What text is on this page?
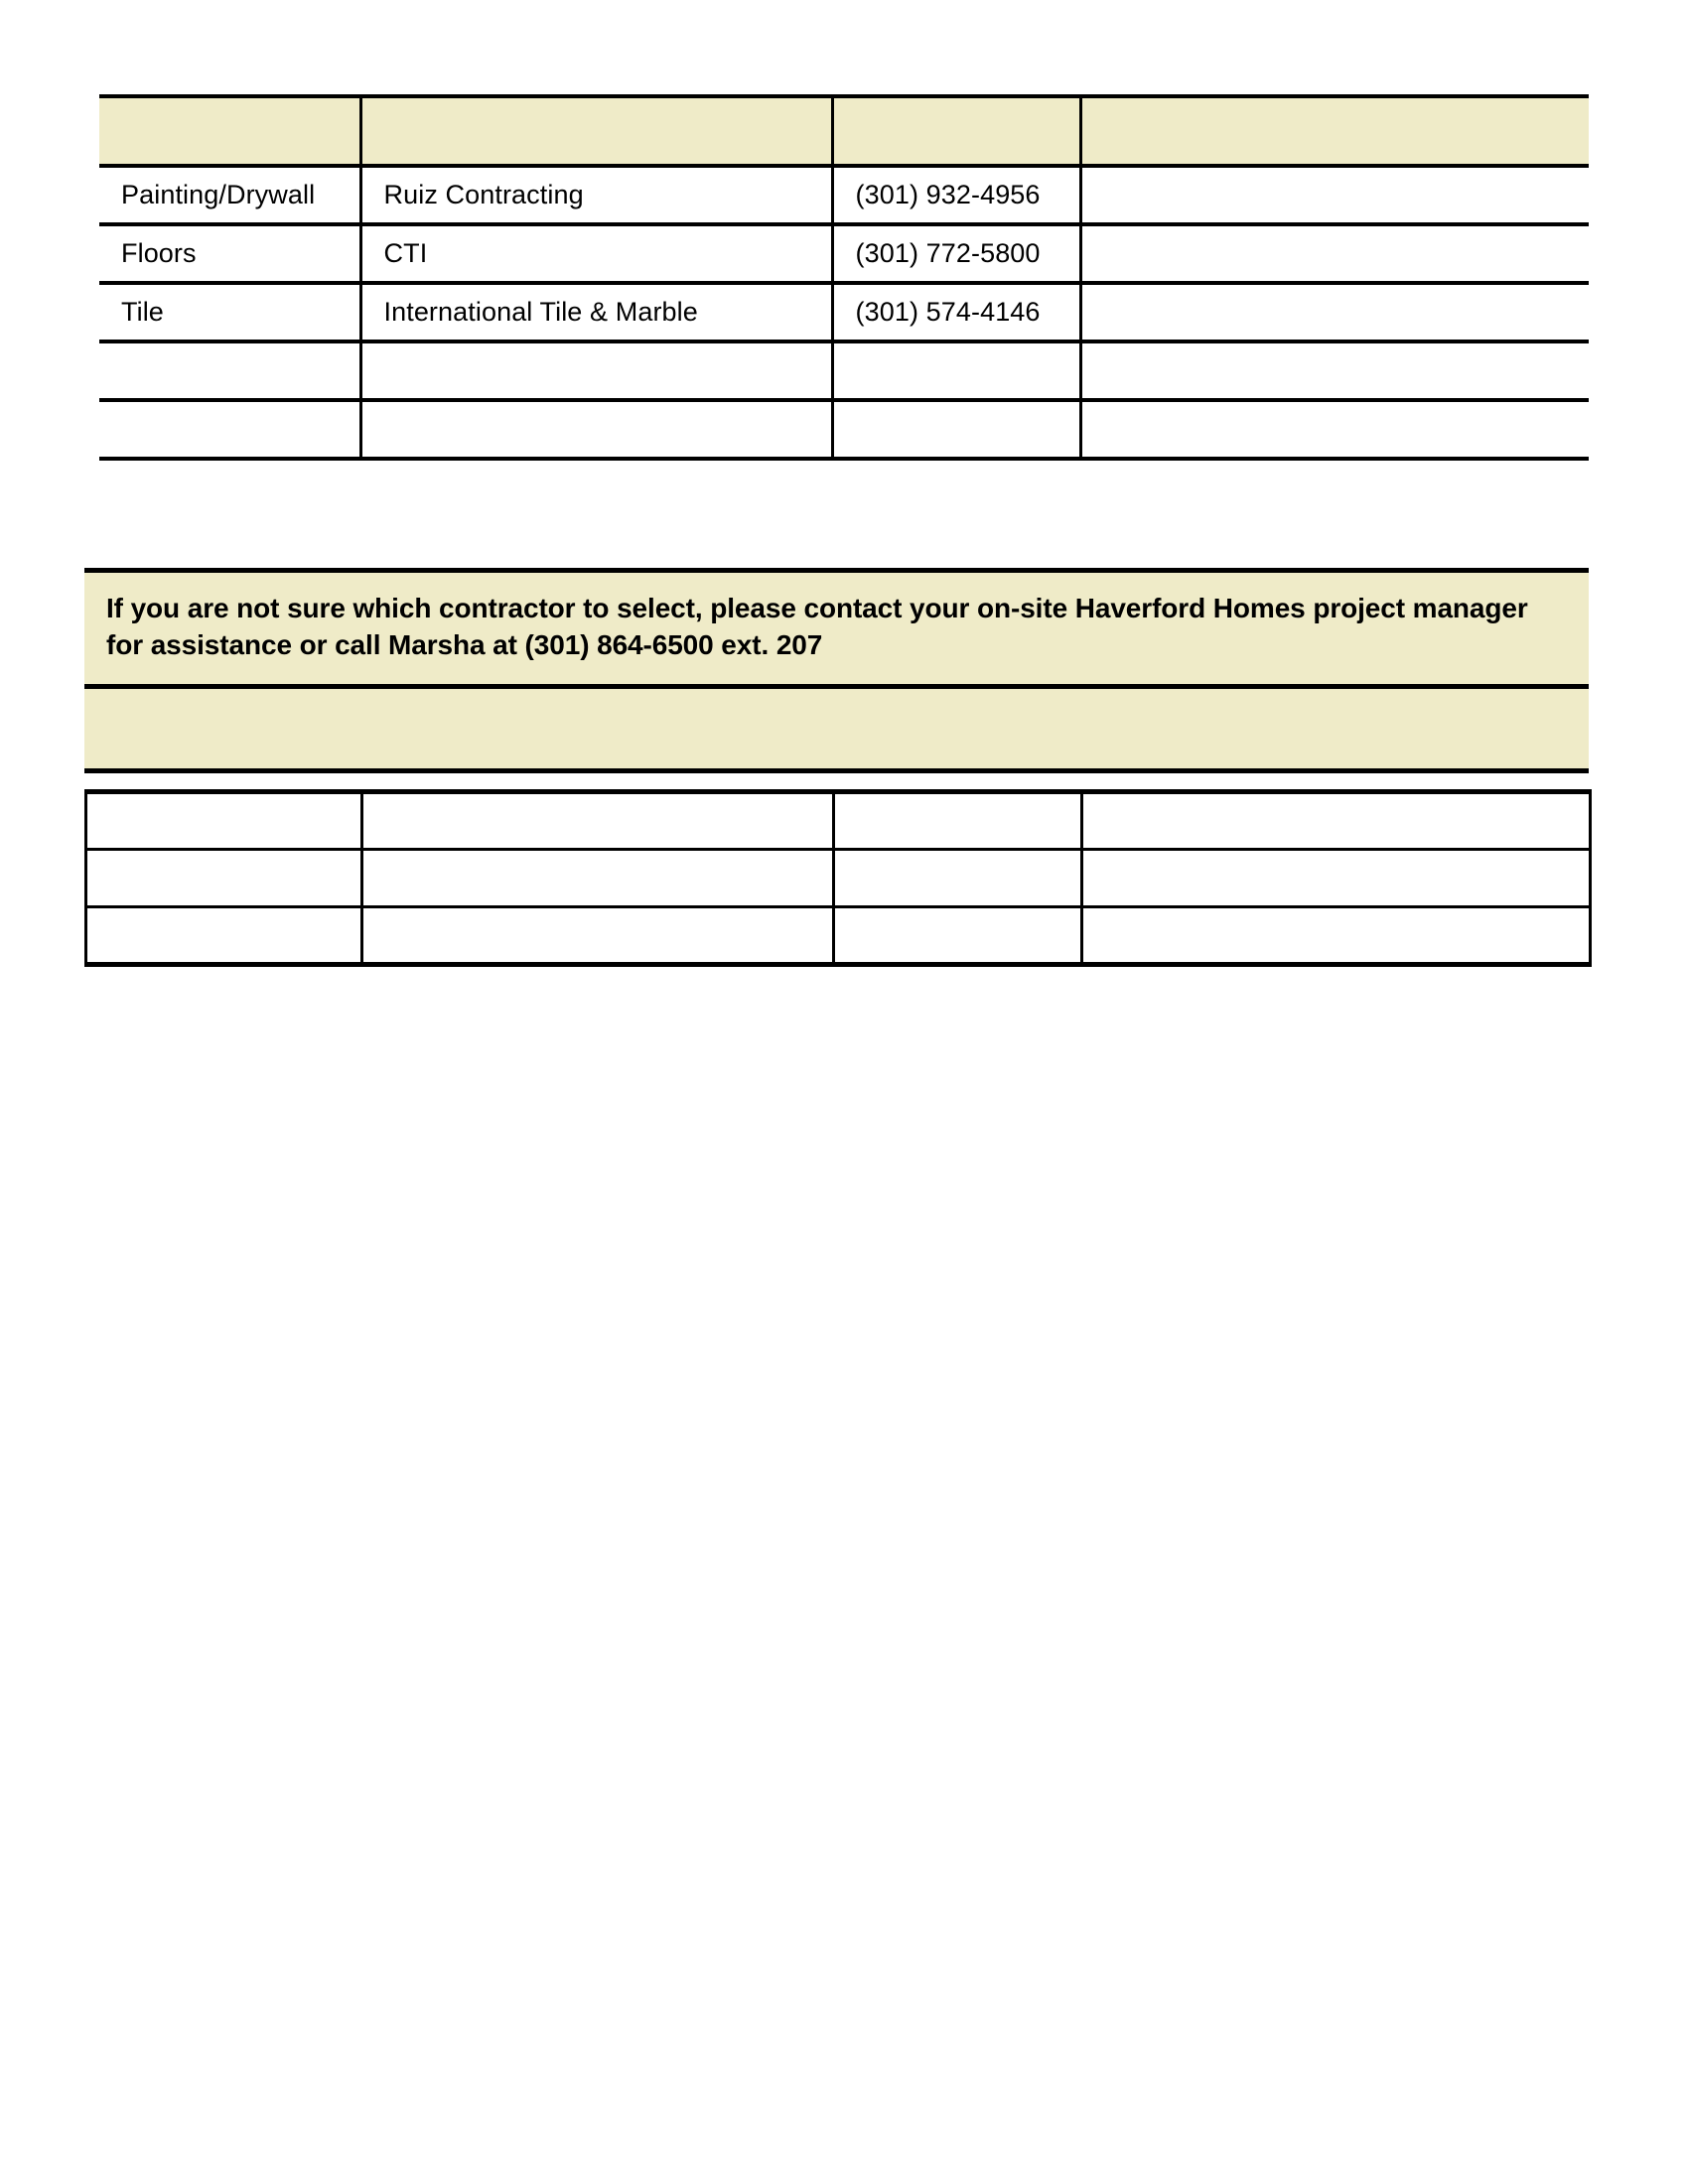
Painting/Drywall	Ruiz Contracting	(301) 932-4956	
Floors	CTI	(301) 772-5800	
Tile	International Tile & Marble	(301) 574-4146	

If you are not sure which contractor to select, please contact your on-site Haverford Homes project manager for assistance or call Marsha at (301) 864-6500 ext. 207
